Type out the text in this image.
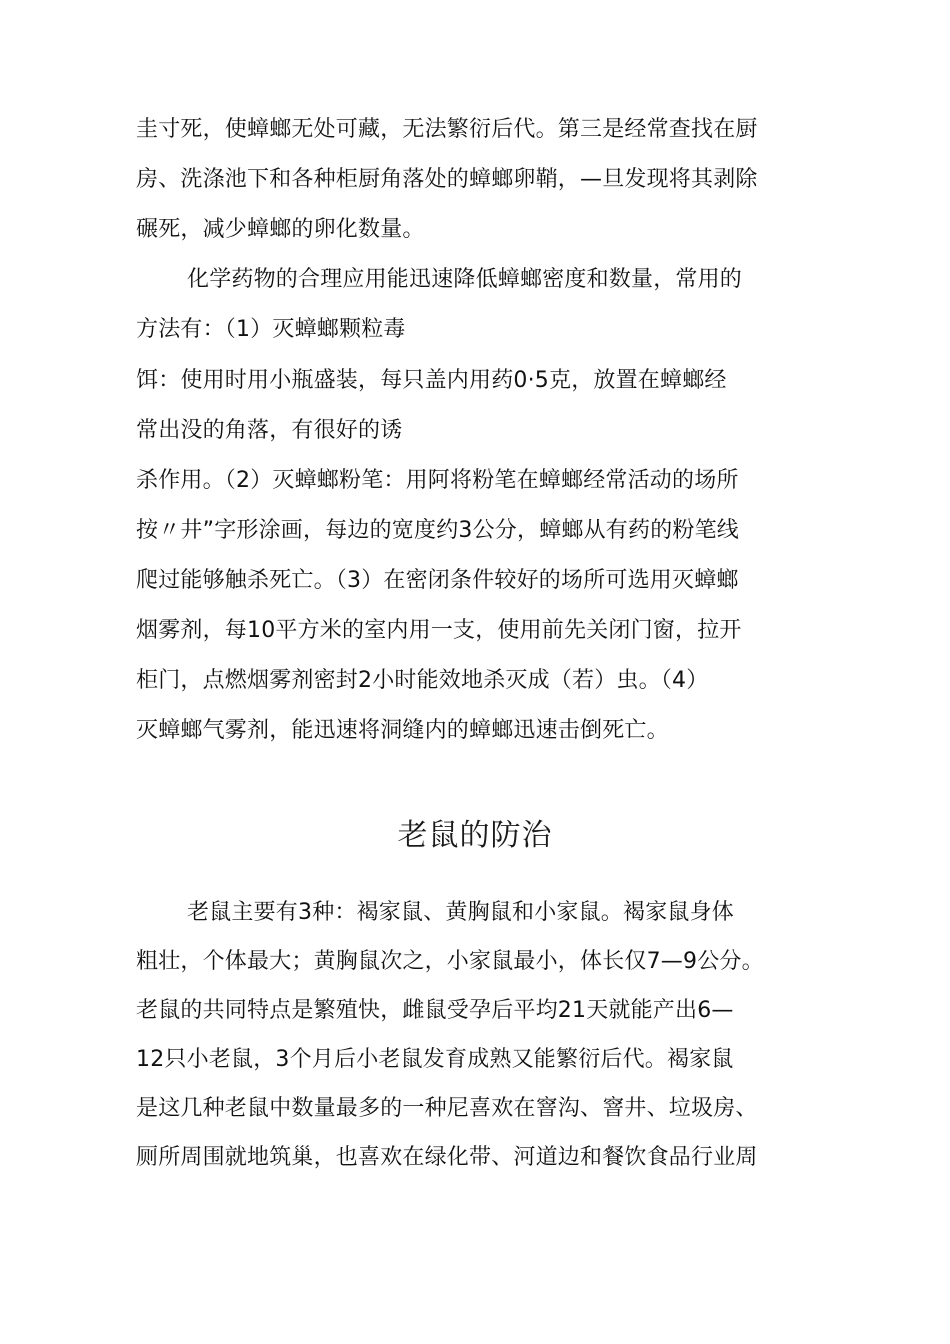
圭寸死，使蟑螂无处可藏，无法繁衍后代。第三是经常查找在厨

房、洗涤池下和各种柜厨角落处的蟑螂卵鞘，—旦发现将其剥除

碾死，减少蟑螂的卵化数量。

化学药物的合理应用能迅速降低蟑螂密度和数量，常用的

方法有：（1）灭蟑螂颗粒毒

饵：使用时用小瓶盛装，每只盖内用药0·5克，放置在蟑螂经

常出没的角落，有很好的诱

杀作用。（2）灭蟑螂粉笔：用阿将粉笔在蟑螂经常活动的场所

按〃井”字形涂画，每边的宽度约3公分，蟑螂从有药的粉笔线

爬过能够触杀死亡。（3）在密闭条件较好的场所可选用灭蟑螂

烟雾剂，每10平方米的室内用一支，使用前先关闭门窗，拉开

柜门，点燃烟雾剂密封2小时能效地杀灭成（若）虫。（4）

灭蟑螂气雾剂，能迅速将洞缝内的蟑螂迅速击倒死亡。

老鼠的防治

老鼠主要有3种：褐家鼠、黄胸鼠和小家鼠。褐家鼠身体

粗壮，个体最大；黄胸鼠次之，小家鼠最小，体长仅7—9公分。

老鼠的共同特点是繁殖快，雌鼠受孕后平均21天就能产出6—

12只小老鼠，3个月后小老鼠发育成熟又能繁衍后代。褐家鼠

是这几种老鼠中数量最多的一种尼喜欢在窨沟、窨井、垃圾房、

厕所周围就地筑巢，也喜欢在绿化带、河道边和餐饮食品行业周
